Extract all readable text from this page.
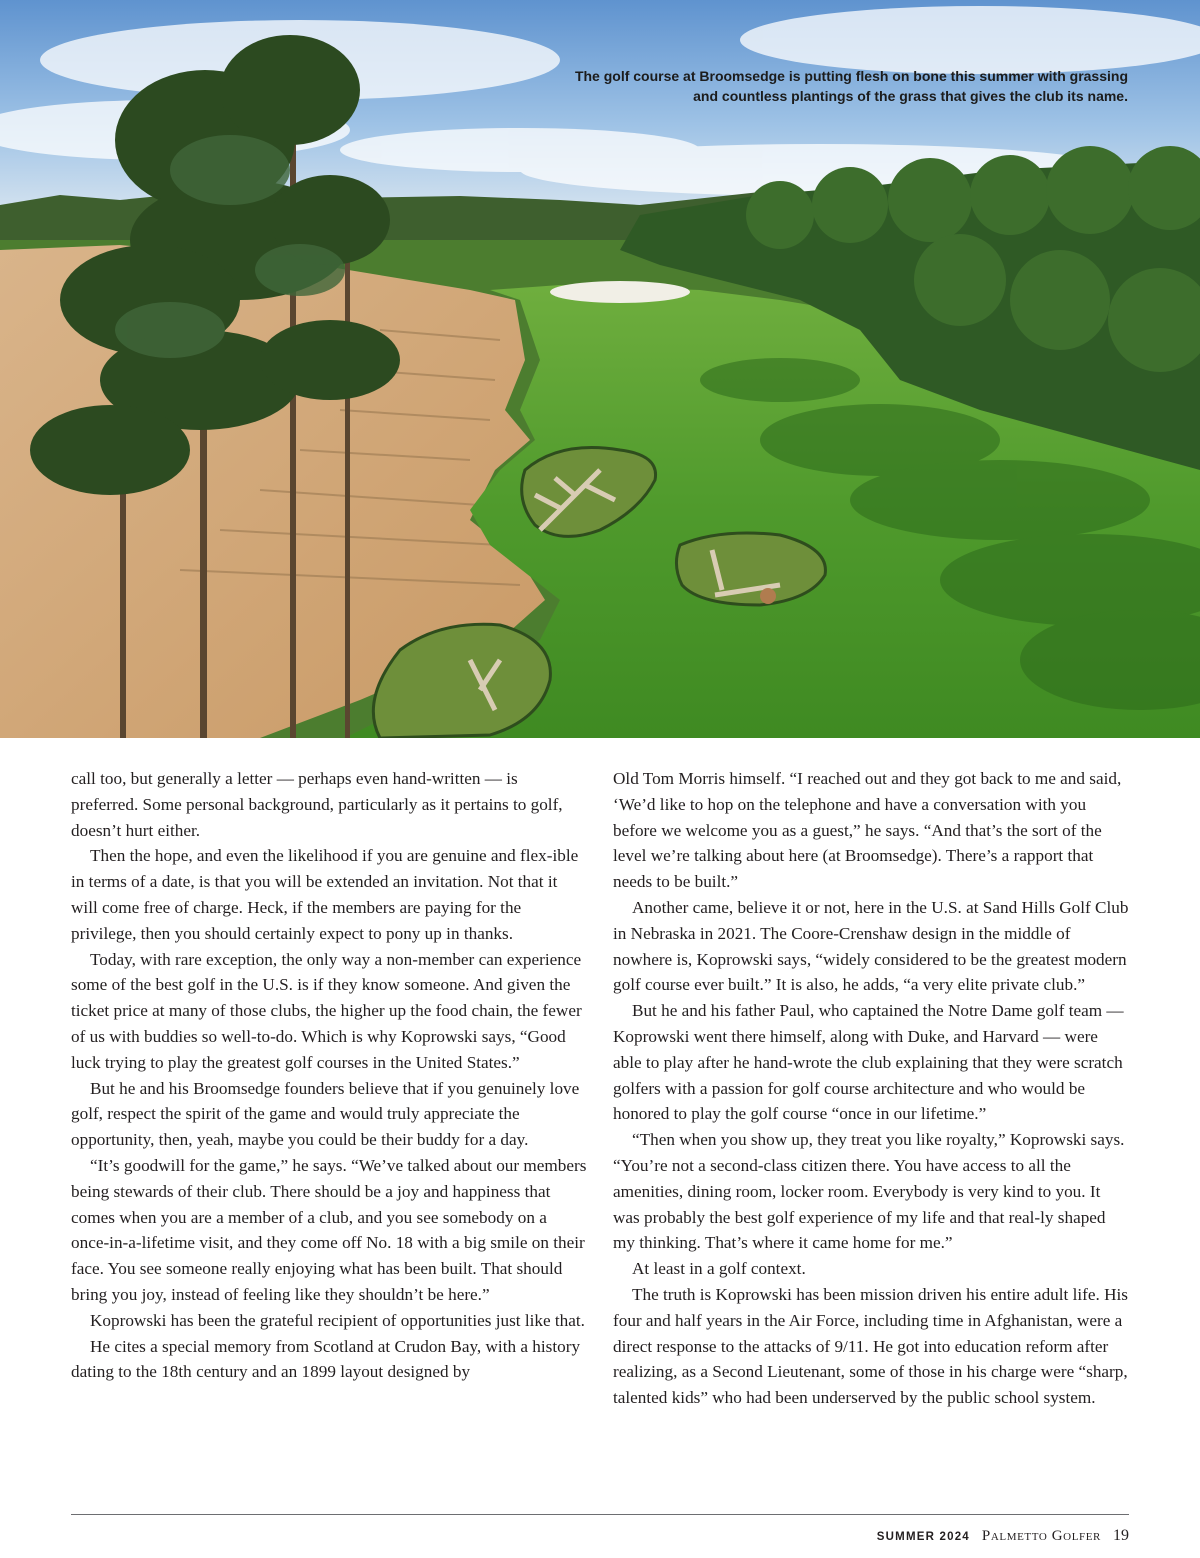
The golf course at Broomsedge is putting flesh on bone this summer with grassing and countless plantings of the grass that gives the club its name.

call too, but generally a letter — perhaps even hand-written — is preferred. Some personal background, particularly as it pertains to golf, doesn’t hurt either.

Then the hope, and even the likelihood if you are genuine and flex-ible in terms of a date, is that you will be extended an invitation. Not that it will come free of charge. Heck, if the members are paying for the privilege, then you should certainly expect to pony up in thanks.

Today, with rare exception, the only way a non-member can experience some of the best golf in the U.S. is if they know someone. And given the ticket price at many of those clubs, the higher up the food chain, the fewer of us with buddies so well-to-do. Which is why Koprowski says, “Good luck trying to play the greatest golf courses in the United States.”

But he and his Broomsedge founders believe that if you genuinely love golf, respect the spirit of the game and would truly appreciate the opportunity, then, yeah, maybe you could be their buddy for a day.

“It’s goodwill for the game,” he says. “We’ve talked about our members being stewards of their club. There should be a joy and happiness that comes when you are a member of a club, and you see somebody on a once-in-a-lifetime visit, and they come off No. 18 with a big smile on their face. You see someone really enjoying what has been built. That should bring you joy, instead of feeling like they shouldn’t be here.”

Koprowski has been the grateful recipient of opportunities just like that.

He cites a special memory from Scotland at Crudon Bay, with a history dating to the 18th century and an 1899 layout designed by

Old Tom Morris himself. “I reached out and they got back to me and said, ‘We’d like to hop on the telephone and have a conversation with you before we welcome you as a guest,” he says. “And that’s the sort of the level we’re talking about here (at Broomsedge). There’s a rapport that needs to be built.”

Another came, believe it or not, here in the U.S. at Sand Hills Golf Club in Nebraska in 2021. The Coore-Crenshaw design in the middle of nowhere is, Koprowski says, “widely considered to be the greatest modern golf course ever built.” It is also, he adds, “a very elite private club.”

But he and his father Paul, who captained the Notre Dame golf team — Koprowski went there himself, along with Duke, and Harvard — were able to play after he hand-wrote the club explaining that they were scratch golfers with a passion for golf course architecture and who would be honored to play the golf course “once in our lifetime.”

“Then when you show up, they treat you like royalty,” Koprowski says. “You’re not a second-class citizen there. You have access to all the amenities, dining room, locker room. Everybody is very kind to you. It was probably the best golf experience of my life and that real-ly shaped my thinking. That’s where it came home for me.”

At least in a golf context.

The truth is Koprowski has been mission driven his entire adult life. His four and half years in the Air Force, including time in Afghanistan, were a direct response to the attacks of 9/11. He got into education reform after realizing, as a Second Lieutenant, some of those in his charge were “sharp, talented kids” who had been underserved by the public school system.

SUMMER 2024 Palmetto Golfer 19
